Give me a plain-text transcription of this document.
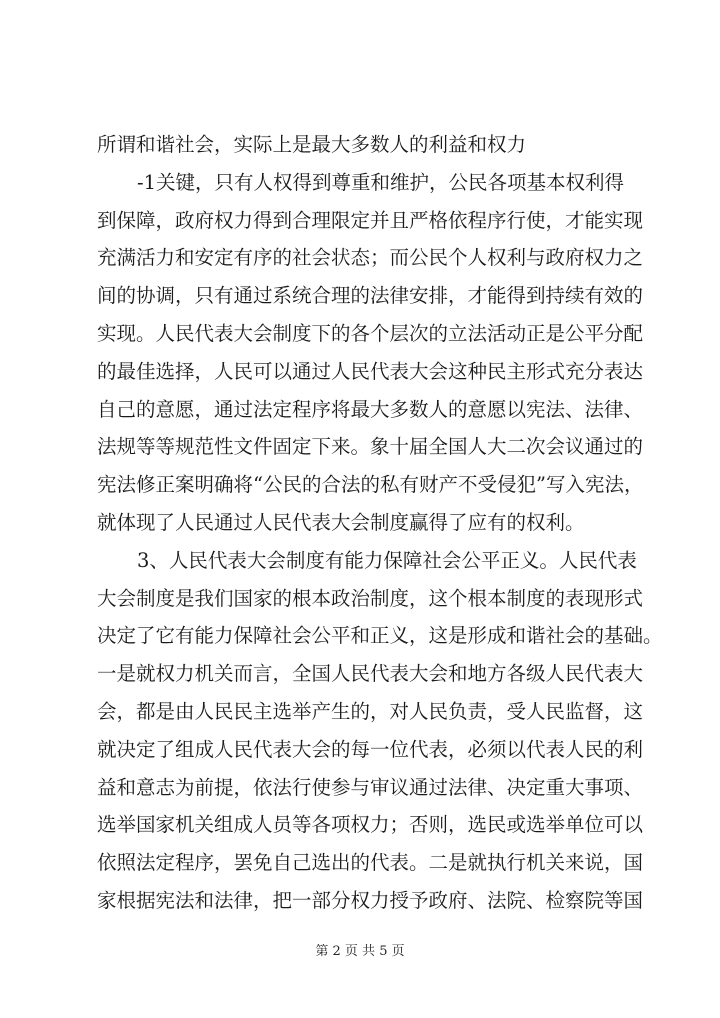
所谓和谐社会，实际上是最大多数人的利益和权力
-1关键，只有人权得到尊重和维护，公民各项基本权利得
到保障，政府权力得到合理限定并且严格依程序行使，才能实现
充满活力和安定有序的社会状态；而公民个人权利与政府权力之
间的协调，只有通过系统合理的法律安排，才能得到持续有效的
实现。人民代表大会制度下的各个层次的立法活动正是公平分配
的最佳选择，人民可以通过人民代表大会这种民主形式充分表达
自己的意愿，通过法定程序将最大多数人的意愿以宪法、法律、
法规等等规范性文件固定下来。象十届全国人大二次会议通过的
宪法修正案明确将“公民的合法的私有财产不受侵犯”写入宪法，
就体现了人民通过人民代表大会制度赢得了应有的权利。
3、人民代表大会制度有能力保障社会公平正义。人民代表
大会制度是我们国家的根本政治制度，这个根本制度的表现形式
决定了它有能力保障社会公平和正义，这是形成和谐社会的基础。
一是就权力机关而言，全国人民代表大会和地方各级人民代表大
会，都是由人民民主选举产生的，对人民负责，受人民监督，这
就决定了组成人民代表大会的每一位代表，必须以代表人民的利
益和意志为前提，依法行使参与审议通过法律、决定重大事项、
选举国家机关组成人员等各项权力；否则，选民或选举单位可以
依照法定程序，罢免自己选出的代表。二是就执行机关来说，国
家根据宪法和法律，把一部分权力授予政府、法院、检察院等国
第 2 页 共 5 页
